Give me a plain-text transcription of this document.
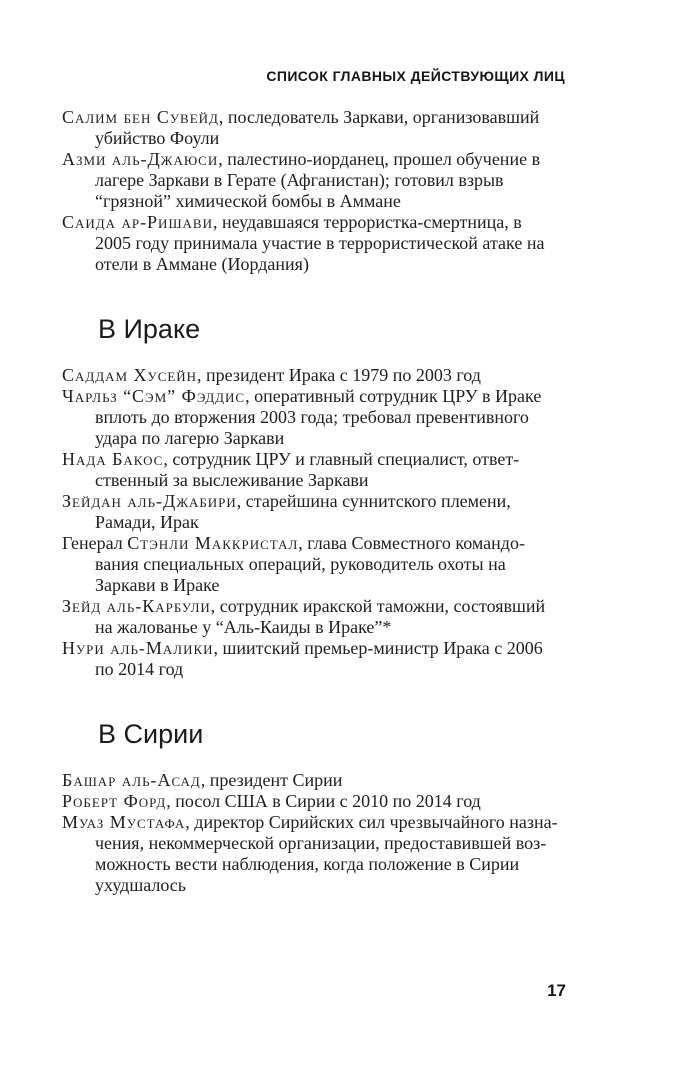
СПИСОК ГЛАВНЫХ ДЕЙСТВУЮЩИХ ЛИЦ

Салим бен Сувейд, последователь Заркави, организовавший убийство Фоули

Азми аль-Джаюси, палестино-иорданец, прошел обучение в лагере Заркави в Герате (Афганистан); готовил взрыв “грязной” химической бомбы в Аммане

Саида ар-Ришави, неудавшаяся террористка-смертница, в 2005 году принимала участие в террористической атаке на отели в Аммане (Иордания)

В Ираке

Саддам Хусейн, президент Ирака с 1979 по 2003 год

Чарльз “Сэм” Фэддис, оперативный сотрудник ЦРУ в Ираке вплоть до вторжения 2003 года; требовал превентивного удара по лагерю Заркави

Нада Бакос, сотрудник ЦРУ и главный специалист, ответственный за выслеживание Заркави

Зейдан аль-Джабири, старейшина суннитского племени, Рамади, Ирак

Генерал Стэнли Маккристал, глава Совместного командования специальных операций, руководитель охоты на Заркави в Ираке

Зейд аль-Карбули, сотрудник иракской таможни, состоявший на жалованье у “Аль-Каиды в Ираке”*

Нури аль-Малики, шиитский премьер-министр Ирака с 2006 по 2014 год

В Сирии

Башар аль-Асад, президент Сирии

Роберт Форд, посол США в Сирии с 2010 по 2014 год

Муаз Мустафа, директор Сирийских сил чрезвычайного назначения, некоммерческой организации, предоставившей возможность вести наблюдения, когда положение в Сирии ухудшалось

17
